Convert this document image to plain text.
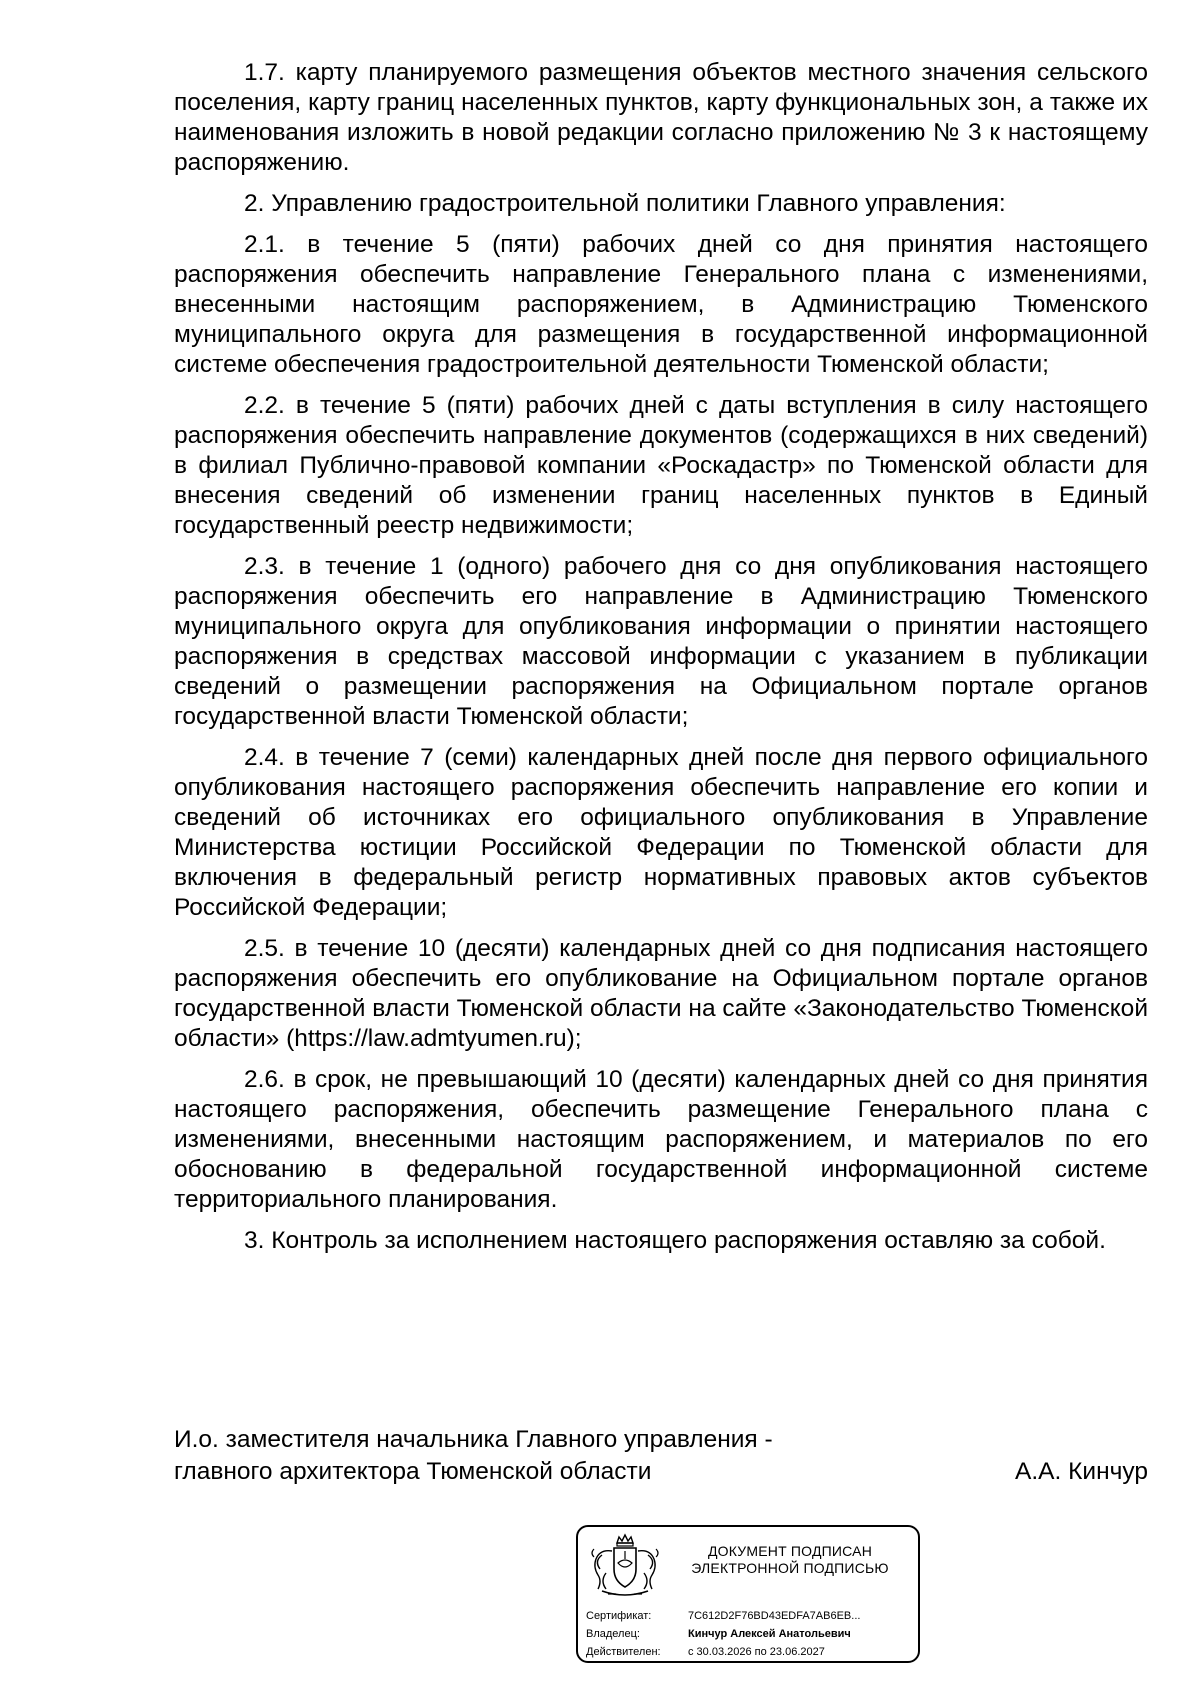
1.7. карту планируемого размещения объектов местного значения сельского поселения, карту границ населенных пунктов, карту функциональных зон, а также их наименования изложить в новой редакции согласно приложению № 3 к настоящему распоряжению.

2. Управлению градостроительной политики Главного управления:

2.1. в течение 5 (пяти) рабочих дней со дня принятия настоящего распоряжения обеспечить направление Генерального плана с изменениями, внесенными настоящим распоряжением, в Администрацию Тюменского муниципального округа для размещения в государственной информационной системе обеспечения градостроительной деятельности Тюменской области;

2.2. в течение 5 (пяти) рабочих дней с даты вступления в силу настоящего распоряжения обеспечить направление документов (содержащихся в них сведений) в филиал Публично-правовой компании «Роскадастр» по Тюменской области для внесения сведений об изменении границ населенных пунктов в Единый государственный реестр недвижимости;

2.3. в течение 1 (одного) рабочего дня со дня опубликования настоящего распоряжения обеспечить его направление в Администрацию Тюменского муниципального округа для опубликования информации о принятии настоящего распоряжения в средствах массовой информации с указанием в публикации сведений о размещении распоряжения на Официальном портале органов государственной власти Тюменской области;

2.4. в течение 7 (семи) календарных дней после дня первого официального опубликования настоящего распоряжения обеспечить направление его копии и сведений об источниках его официального опубликования в Управление Министерства юстиции Российской Федерации по Тюменской области для включения в федеральный регистр нормативных правовых актов субъектов Российской Федерации;

2.5. в течение 10 (десяти) календарных дней со дня подписания настоящего распоряжения обеспечить его опубликование на Официальном портале органов государственной власти Тюменской области на сайте «Законодательство Тюменской области» (https://law.admtyumen.ru);

2.6. в срок, не превышающий 10 (десяти) календарных дней со дня принятия настоящего распоряжения, обеспечить размещение Генерального плана с изменениями, внесенными настоящим распоряжением, и материалов по его обоснованию в федеральной государственной информационной системе территориального планирования.

3. Контроль за исполнением настоящего распоряжения оставляю за собой.

И.о. заместителя начальника Главного управления -
главного архитектора Тюменской области	А.А. Кинчур
ДОКУМЕНТ ПОДПИСАН
ЭЛЕКТРОННОЙ ПОДПИСЬЮ
Сертификат:	7C612D2F76BD43EDFA7AB6EB...
Владелец:	Кинчур Алексей Анатольевич
Действителен:	с 30.03.2026 по 23.06.2027
